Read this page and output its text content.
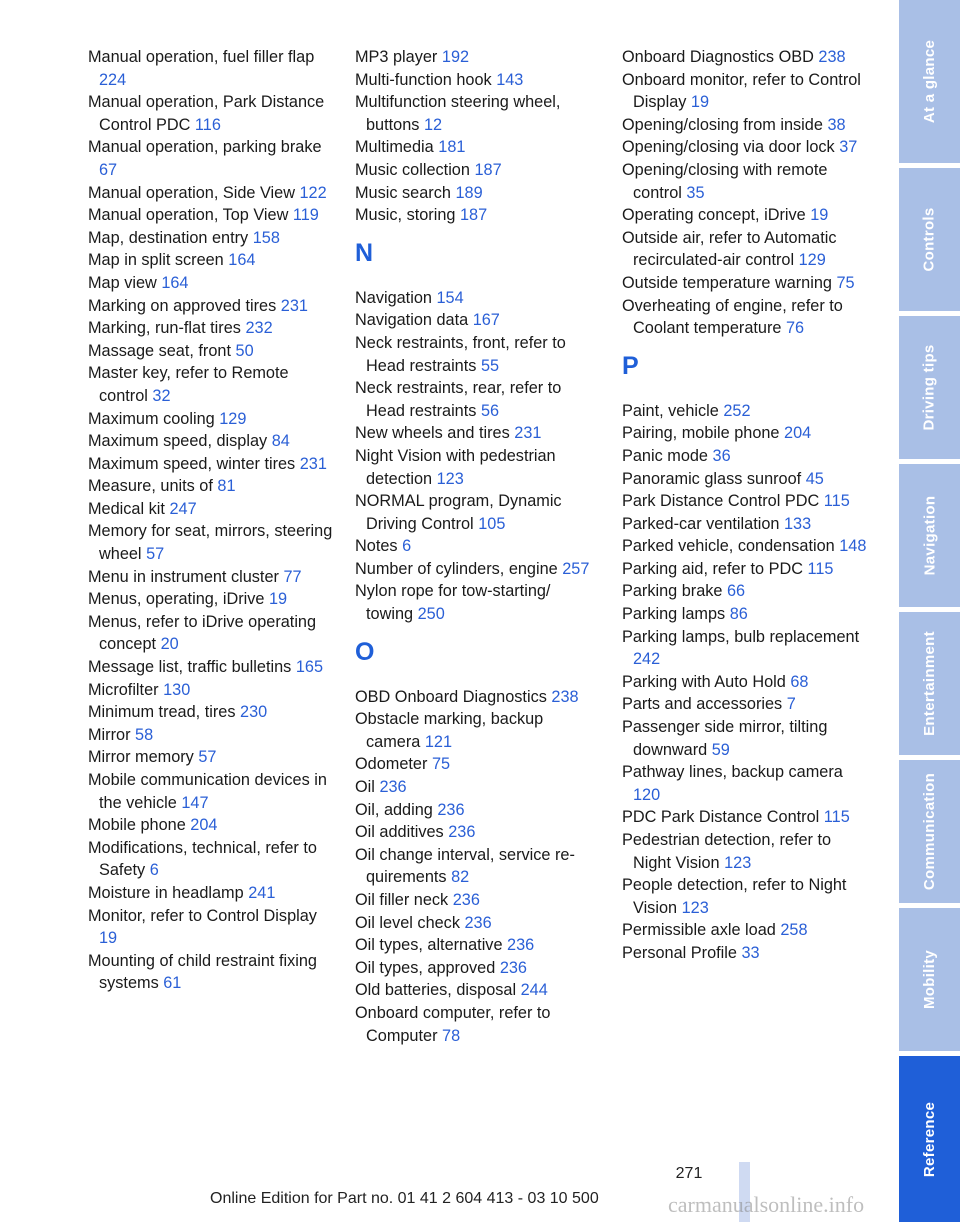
Manual operation, fuel filler flap 224
Manual operation, Park Distance Control PDC 116
Manual operation, parking brake 67
Manual operation, Side View 122
Manual operation, Top View 119
Map, destination entry 158
Map in split screen 164
Map view 164
Marking on approved tires 231
Marking, run-flat tires 232
Massage seat, front 50
Master key, refer to Remote control 32
Maximum cooling 129
Maximum speed, display 84
Maximum speed, winter tires 231
Measure, units of 81
Medical kit 247
Memory for seat, mirrors, steering wheel 57
Menu in instrument cluster 77
Menus, operating, iDrive 19
Menus, refer to iDrive operating concept 20
Message list, traffic bulletins 165
Microfilter 130
Minimum tread, tires 230
Mirror 58
Mirror memory 57
Mobile communication devices in the vehicle 147
Mobile phone 204
Modifications, technical, refer to Safety 6
Moisture in headlamp 241
Monitor, refer to Control Display 19
Mounting of child restraint fixing systems 61
MP3 player 192
Multi-function hook 143
Multifunction steering wheel, buttons 12
Multimedia 181
Music collection 187
Music search 189
Music, storing 187
N
Navigation 154
Navigation data 167
Neck restraints, front, refer to Head restraints 55
Neck restraints, rear, refer to Head restraints 56
New wheels and tires 231
Night Vision with pedestrian detection 123
NORMAL program, Dynamic Driving Control 105
Notes 6
Number of cylinders, engine 257
Nylon rope for tow-starting/ towing 250
O
OBD Onboard Diagnostics 238
Obstacle marking, backup camera 121
Odometer 75
Oil 236
Oil, adding 236
Oil additives 236
Oil change interval, service requirements 82
Oil filler neck 236
Oil level check 236
Oil types, alternative 236
Oil types, approved 236
Old batteries, disposal 244
Onboard computer, refer to Computer 78
Onboard Diagnostics OBD 238
Onboard monitor, refer to Control Display 19
Opening/closing from inside 38
Opening/closing via door lock 37
Opening/closing with remote control 35
Operating concept, iDrive 19
Outside air, refer to Automatic recirculated-air control 129
Outside temperature warning 75
Overheating of engine, refer to Coolant temperature 76
P
Paint, vehicle 252
Pairing, mobile phone 204
Panic mode 36
Panoramic glass sunroof 45
Park Distance Control PDC 115
Parked-car ventilation 133
Parked vehicle, condensation 148
Parking aid, refer to PDC 115
Parking brake 66
Parking lamps 86
Parking lamps, bulb replacement 242
Parking with Auto Hold 68
Parts and accessories 7
Passenger side mirror, tilting downward 59
Pathway lines, backup camera 120
PDC Park Distance Control 115
Pedestrian detection, refer to Night Vision 123
People detection, refer to Night Vision 123
Permissible axle load 258
Personal Profile 33
At a glance
Controls
Driving tips
Navigation
Entertainment
Communication
Mobility
Reference
271
Online Edition for Part no. 01 41 2 604 413 - 03 10 500	carmanualsonline.info
